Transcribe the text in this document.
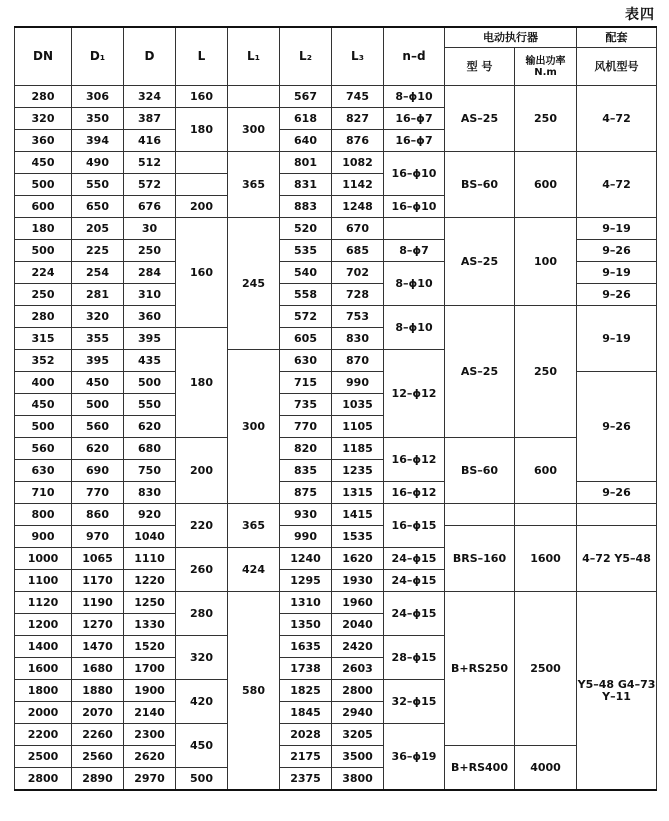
表四
DN	D₁	D	L	L₁	L₂	L₃	n–d	电动执行器		配套
								型 号	输出功率 N.m	风机型号
280	306	324	160		567	745	8–ϕ10	AS–25	250	4–72
320	350	387	180	300	618	827	16–ϕ7			
360	394	416			640	876	16–ϕ7			
450	490	512		365	801	1082	16–ϕ10	BS–60	600	4–72
500	550	572			831	1142				
600	650	676	200		883	1248	16–ϕ10			
180	205	30	160	245	520	670		AS–25	100	9–19
500	225	250			535	685	8–ϕ7			9–26
224	254	284			540	702	8–ϕ10			9–19
250	281	310			558	728				9–26
280	320	360			572	753	8–ϕ10	AS–25	250	9–19
315	355	395	180		605	830				
352	395	435		300	630	870	12–ϕ12			
400	450	500			715	990				9–26
450	500	550			735	1035				
500	560	620			770	1105				
560	620	680	200		820	1185	16–ϕ12	BS–60	600	
630	690	750			835	1235				
710	770	830			875	1315	16–ϕ12			9–26
800	860	920	220	365	930	1415	16–ϕ15			
900	970	1040			990	1535		BRS–160	1600	4–72 Y5–48
1000	1065	1110	260	424	1240	1620	24–ϕ15			
1100	1170	1220			1295	1930	24–ϕ15			
1120	1190	1250	280	580	1310	1960	24–ϕ15	B+RS250	2500	Y5–48 G4–73 Y–11
1200	1270	1330			1350	2040				
1400	1470	1520	320		1635	2420	28–ϕ15			
1600	1680	1700			1738	2603				
1800	1880	1900	420		1825	2800	32–ϕ15			
2000	2070	2140			1845	2940				
2200	2260	2300	450		2028	3205	36–ϕ19			
2500	2560	2620			2175	3500		B+RS400	4000	
2800	2890	2970	500		2375	3800				
